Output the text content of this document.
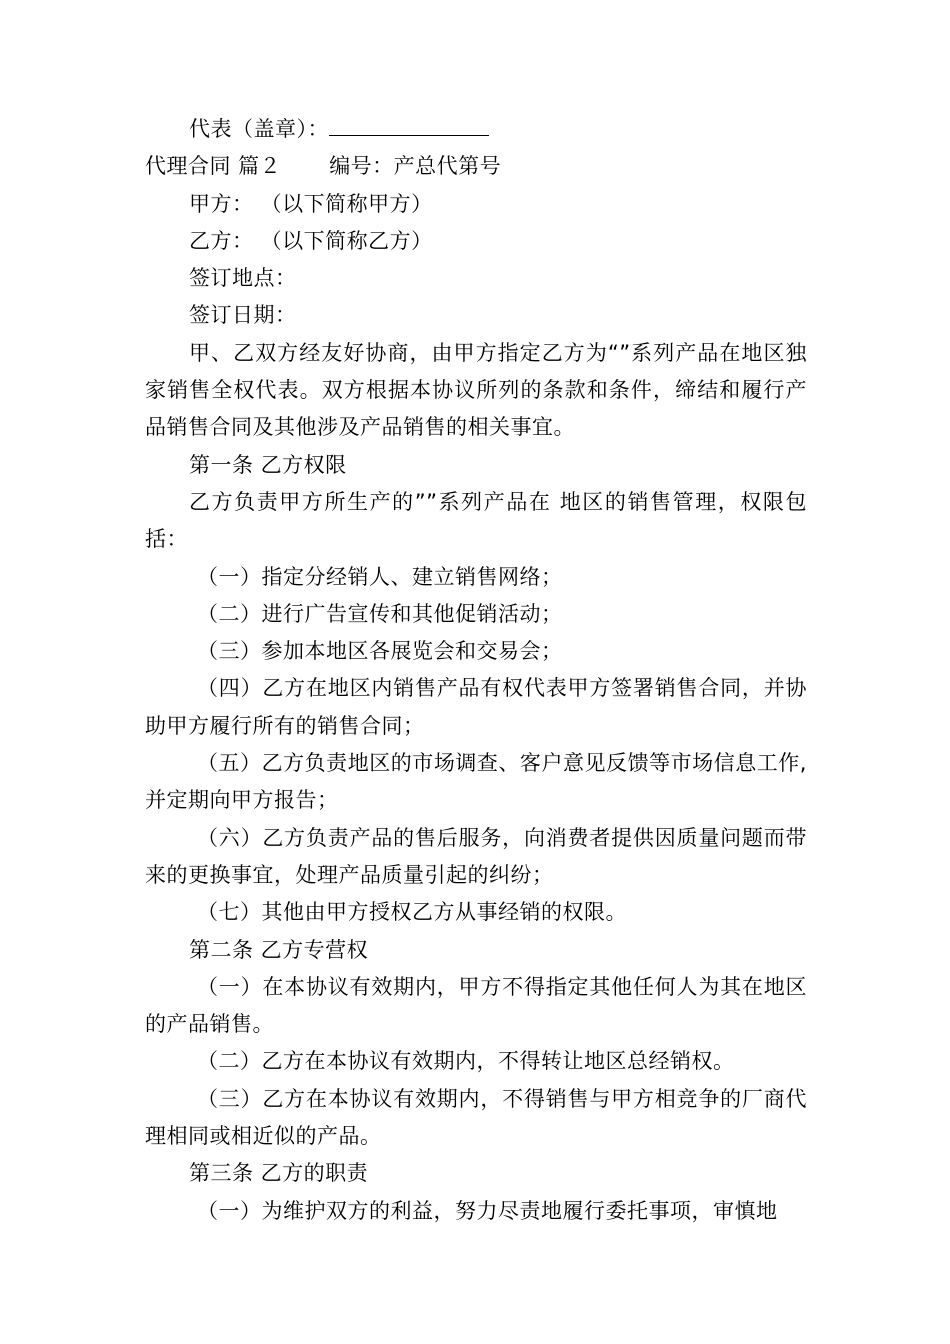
代表（盖章）：
代理合同 篇２ 编号：产总代第号
甲方： （以下简称甲方）
乙方： （以下简称乙方）
签订地点：
签订日期：

甲、乙双方经友好协商，由甲方指定乙方为“”系列产品在地区独家销售全权代表。双方根据本协议所列的条款和条件，缔结和履行产品销售合同及其他涉及产品销售的相关事宜。

第一条 乙方权限

乙方负责甲方所生产的””系列产品在 地区的销售管理，权限包括：

（一）指定分经销人、建立销售网络；

（二）进行广告宣传和其他促销活动；

（三）参加本地区各展览会和交易会；

（四）乙方在地区内销售产品有权代表甲方签署销售合同，并协助甲方履行所有的销售合同；

（五）乙方负责地区的市场调查、客户意见反馈等市场信息工作,并定期向甲方报告；

（六）乙方负责产品的售后服务，向消费者提供因质量问题而带来的更换事宜，处理产品质量引起的纠纷；

（七）其他由甲方授权乙方从事经销的权限。

第二条 乙方专营权

（一）在本协议有效期内，甲方不得指定其他任何人为其在地区的产品销售。

（二）乙方在本协议有效期内，不得转让地区总经销权。

（三）乙方在本协议有效期内，不得销售与甲方相竞争的厂商代理相同或相近似的产品。

第三条 乙方的职责

（一）为维护双方的利益，努力尽责地履行委托事项，审慎地
